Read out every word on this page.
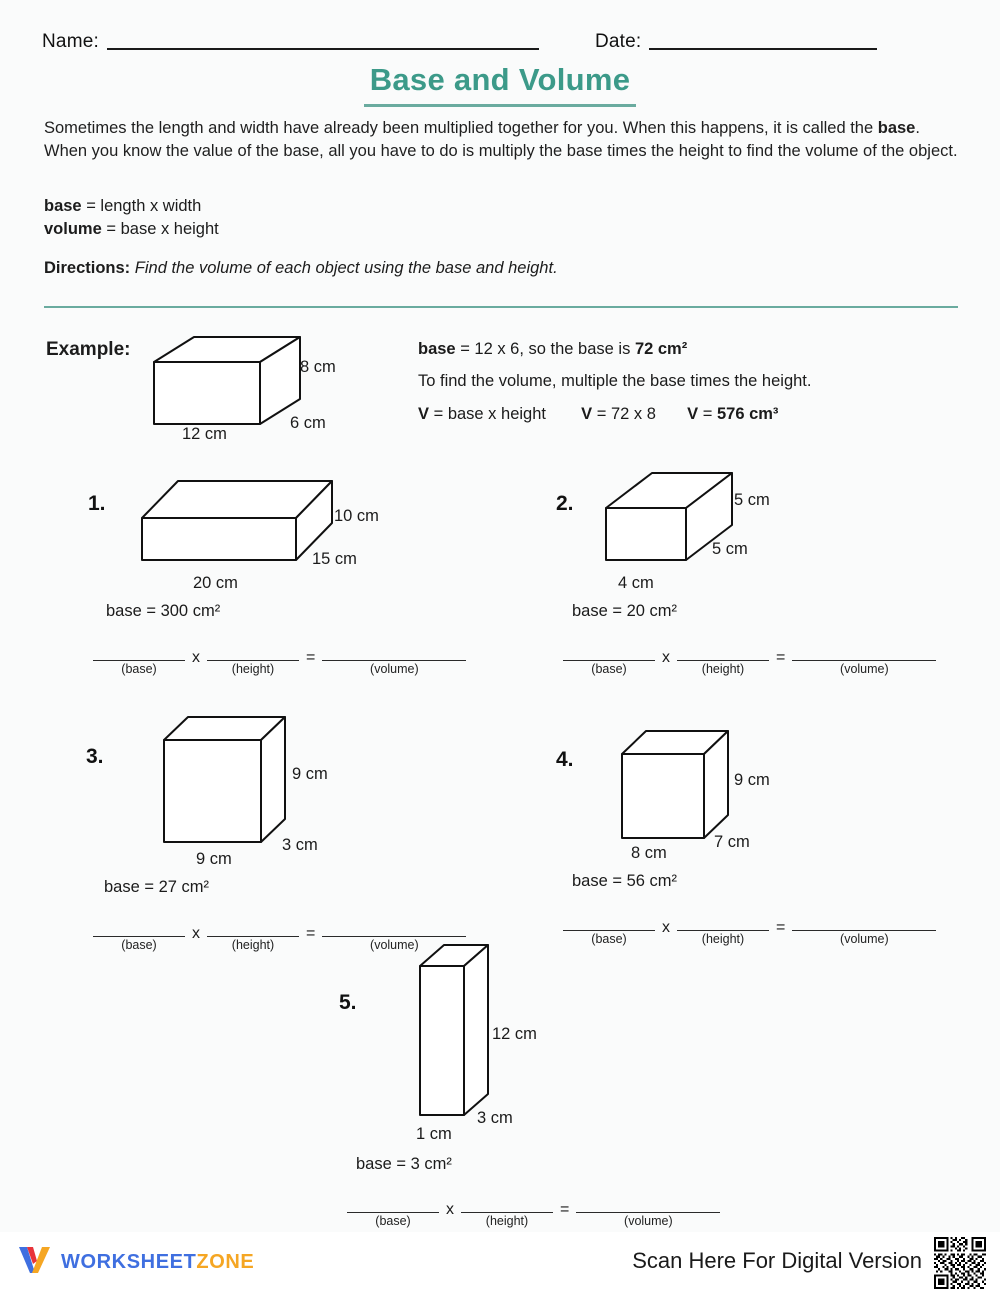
Name:	Date:
Base and Volume
Sometimes the length and width have already been multiplied together for you. When this happens, it is called the base. When you know the value of the base, all you have to do is multiply the base times the height to find the volume of the object.
base = length x width
volume = base x height
Directions: Find the volume of each object using the base and height.
Example:
8 cm
6 cm
12 cm
base = 12 x 6, so the base is 72 cm²
To find the volume, multiple the base times the height.
V = base x height V = 72 x 8 V = 576 cm³
1.
10 cm
15 cm
20 cm
base = 300 cm²
(base)
x
(height)
=
(volume)
2.	5 cm
5 cm
4 cm
base = 20 cm²
(base)
x
(height)
=
(volume)
3.
9 cm
3 cm
9 cm
base = 27 cm²
(base)
x
(height)
=
(volume)
4.
9 cm
7 cm
8 cm
base = 56 cm²
(base)
x
(height)
=
(volume)
5.
12 cm
3 cm
1 cm
base = 3 cm²
(base)
x
(height)
=
(volume)
WORKSHEETZONE	Scan Here For Digital Version
